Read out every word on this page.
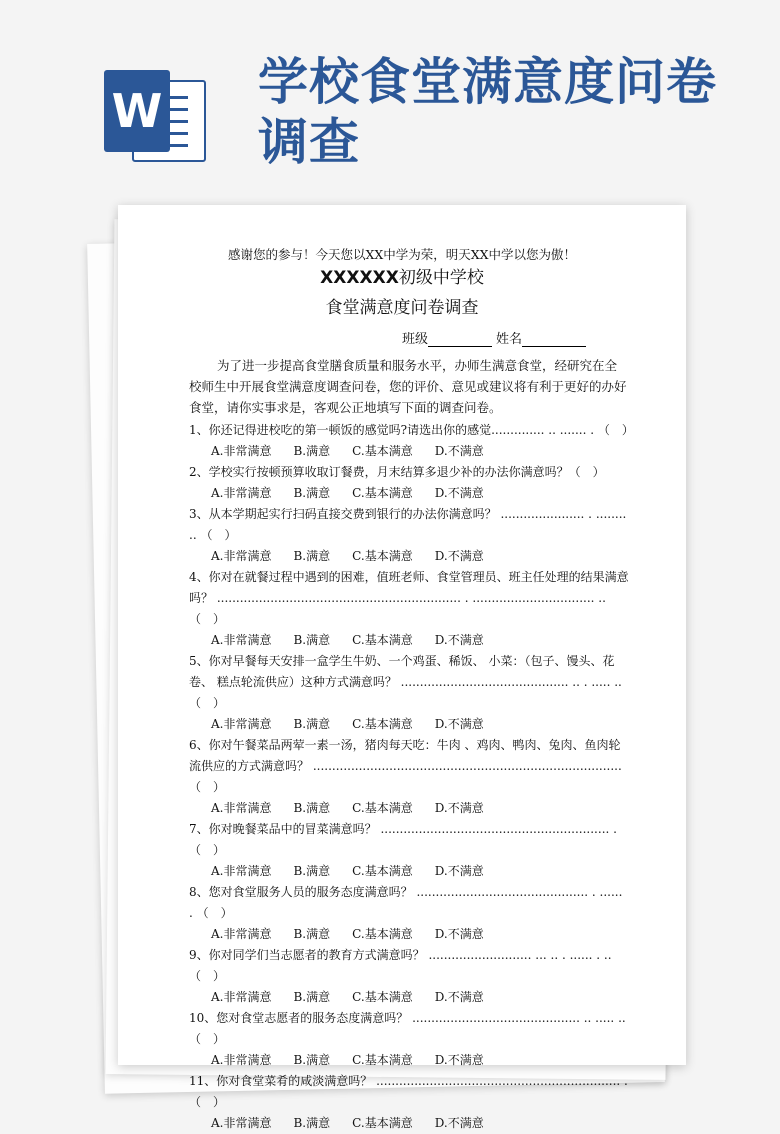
W 学校食堂满意度问卷调查
感谢您的参与！今天您以XX中学为荣，明天XX中学以您为傲！
XXXXXX初级中学校
食堂满意度问卷调查
班级	姓名

为了进一步提高食堂膳食质量和服务水平，办师生满意食堂，经研究在全校师生中开展食堂满意度调查问卷，您的评价、意见或建议将有利于更好的办好食堂，请你实事求是，客观公正地填写下面的调查问卷。

1、你还记得进校吃的第一顿饭的感觉吗?请选出你的感觉.............. .. ....... . （　）
A.非常满意 B.满意 C.基本满意 D.不满意
2、学校实行按顿预算收取订餐费，月末结算多退少补的办法你满意吗？（　）
A.非常满意 B.满意 C.基本满意 D.不满意
3、从本学期起实行扫码直接交费到银行的办法你满意吗？ ...................... . ........ .. （　）
A.非常满意 B.满意 C.基本满意 D.不满意
4、你对在就餐过程中遇到的困难，值班老师、食堂管理员、班主任处理的结果满意吗？ ................................................................ . ................................ .. （　）
A.非常满意 B.满意 C.基本满意 D.不满意
5、你对早餐每天安排一盒学生牛奶、一个鸡蛋、稀饭、 小菜：（包子、馒头、花卷、 糕点轮流供应）这种方式满意吗？ ............................................ .. . ..... .. （　）
A.非常满意 B.满意 C.基本满意 D.不满意
6、你对午餐菜品两荤一素一汤，猪肉每天吃：牛肉 、鸡肉、鸭肉、兔肉、鱼肉轮流供应的方式满意吗？ ................................................................................. （　）
A.非常满意 B.满意 C.基本满意 D.不满意
7、你对晚餐菜品中的冒菜满意吗？ ............................................................ . （　）
A.非常满意 B.满意 C.基本满意 D.不满意
8、您对食堂服务人员的服务态度满意吗？ ............................................. . ...... . （　）
A.非常满意 B.满意 C.基本满意 D.不满意
9、你对同学们当志愿者的教育方式满意吗？ ........................... ... .. . ...... . .. （　）
A.非常满意 B.满意 C.基本满意 D.不满意
10、您对食堂志愿者的服务态度满意吗？ ............................................ .. ..... .. （　）
A.非常满意 B.满意 C.基本满意 D.不满意
11、你对食堂菜肴的咸淡满意吗？ ................................................................ . （　）
A.非常满意 B.满意 C.基本满意 D.不满意
